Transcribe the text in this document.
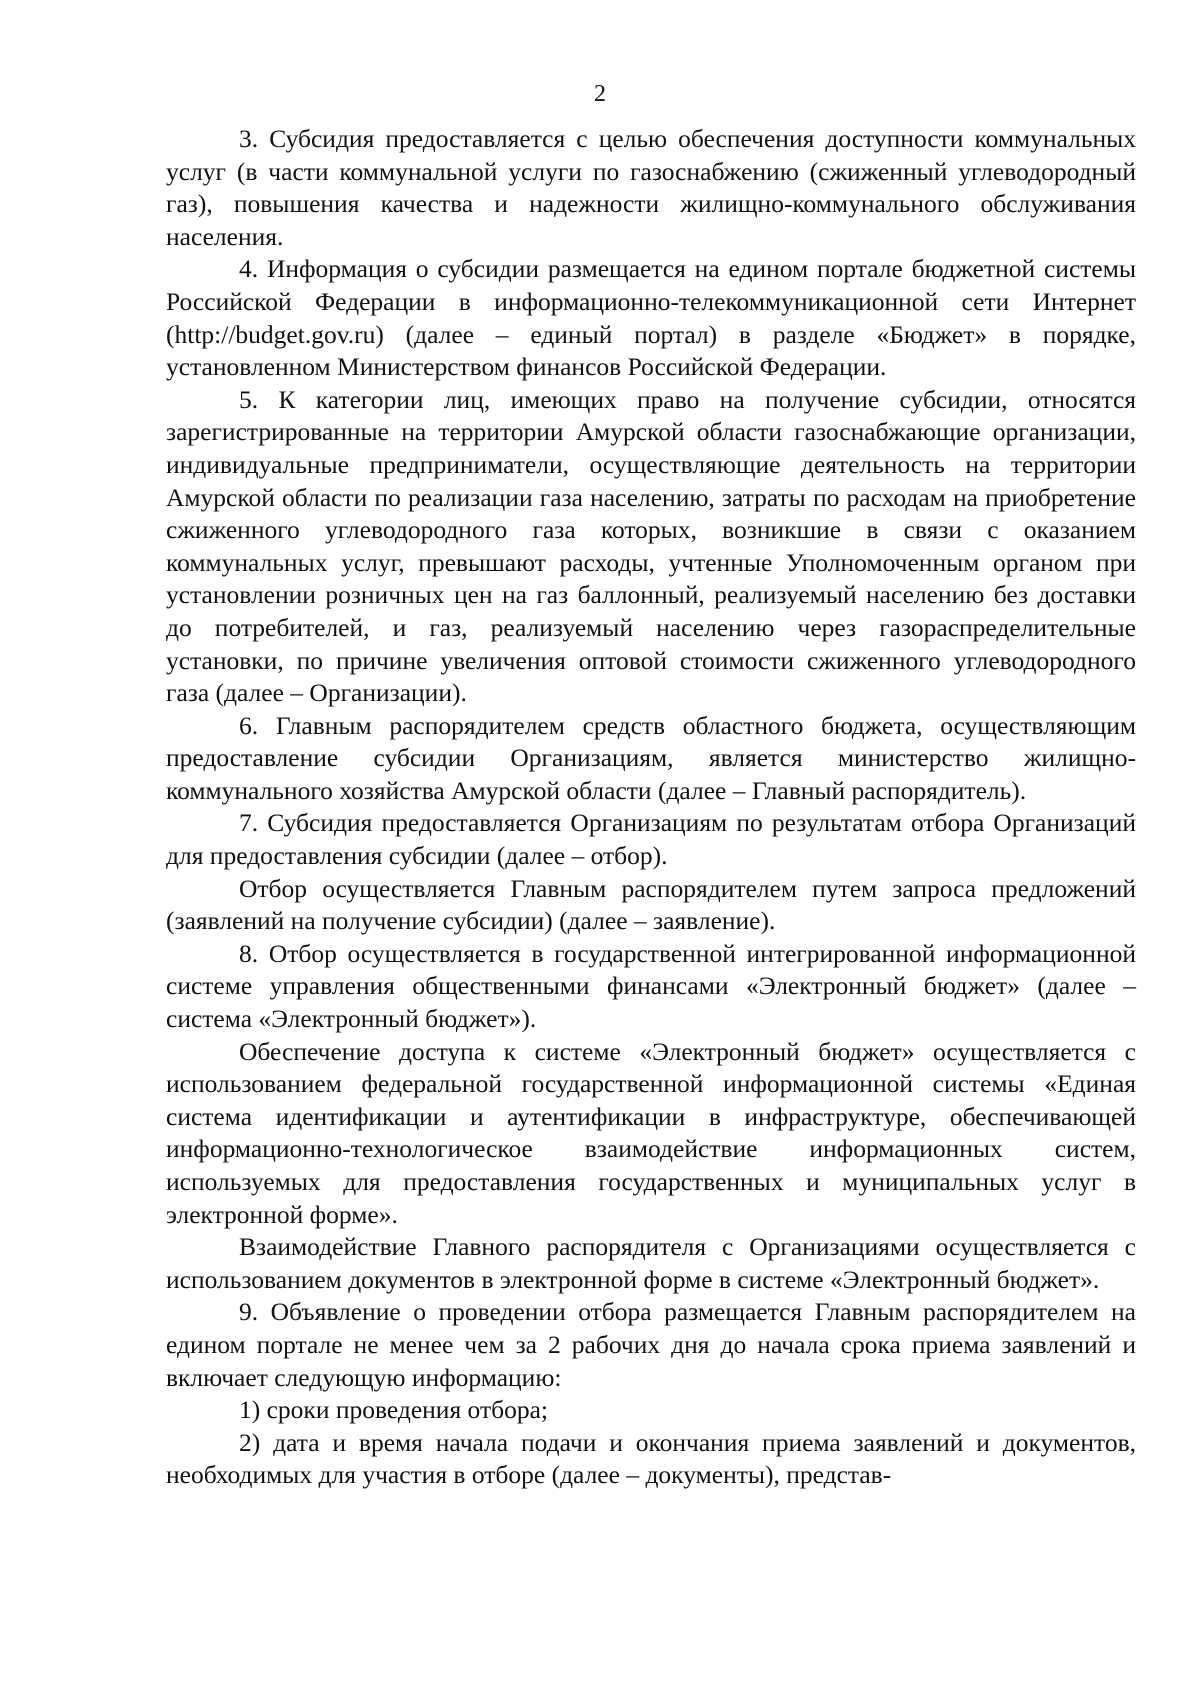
2

3. Субсидия предоставляется с целью обеспечения доступности коммунальных услуг (в части коммунальной услуги по газоснабжению (сжиженный углеводородный газ), повышения качества и надежности жилищно-коммунального обслуживания населения.

4. Информация о субсидии размещается на едином портале бюджетной системы Российской Федерации в информационно-телекоммуникационной сети Интернет (http://budget.gov.ru) (далее – единый портал) в разделе «Бюджет» в порядке, установленном Министерством финансов Российской Федерации.

5. К категории лиц, имеющих право на получение субсидии, относятся зарегистрированные на территории Амурской области газоснабжающие организации, индивидуальные предприниматели, осуществляющие деятельность на территории Амурской области по реализации газа населению, затраты по расходам на приобретение сжиженного углеводородного газа которых, возникшие в связи с оказанием коммунальных услуг, превышают расходы, учтенные Уполномоченным органом при установлении розничных цен на газ баллонный, реализуемый населению без доставки до потребителей, и газ, реализуемый населению через газораспределительные установки, по причине увеличения оптовой стоимости сжиженного углеводородного газа (далее – Организации).

6. Главным распорядителем средств областного бюджета, осуществляющим предоставление субсидии Организациям, является министерство жилищно-коммунального хозяйства Амурской области (далее – Главный распорядитель).

7. Субсидия предоставляется Организациям по результатам отбора Организаций для предоставления субсидии (далее – отбор).

Отбор осуществляется Главным распорядителем путем запроса предложений (заявлений на получение субсидии) (далее – заявление).

8. Отбор осуществляется в государственной интегрированной информационной системе управления общественными финансами «Электронный бюджет» (далее – система «Электронный бюджет»).

Обеспечение доступа к системе «Электронный бюджет» осуществляется с использованием федеральной государственной информационной системы «Единая система идентификации и аутентификации в инфраструктуре, обеспечивающей информационно-технологическое взаимодействие информационных систем, используемых для предоставления государственных и муниципальных услуг в электронной форме».

Взаимодействие Главного распорядителя с Организациями осуществляется с использованием документов в электронной форме в системе «Электронный бюджет».

9. Объявление о проведении отбора размещается Главным распорядителем на едином портале не менее чем за 2 рабочих дня до начала срока приема заявлений и включает следующую информацию:

1) сроки проведения отбора;

2) дата и время начала подачи и окончания приема заявлений и документов, необходимых для участия в отборе (далее – документы), представ-
